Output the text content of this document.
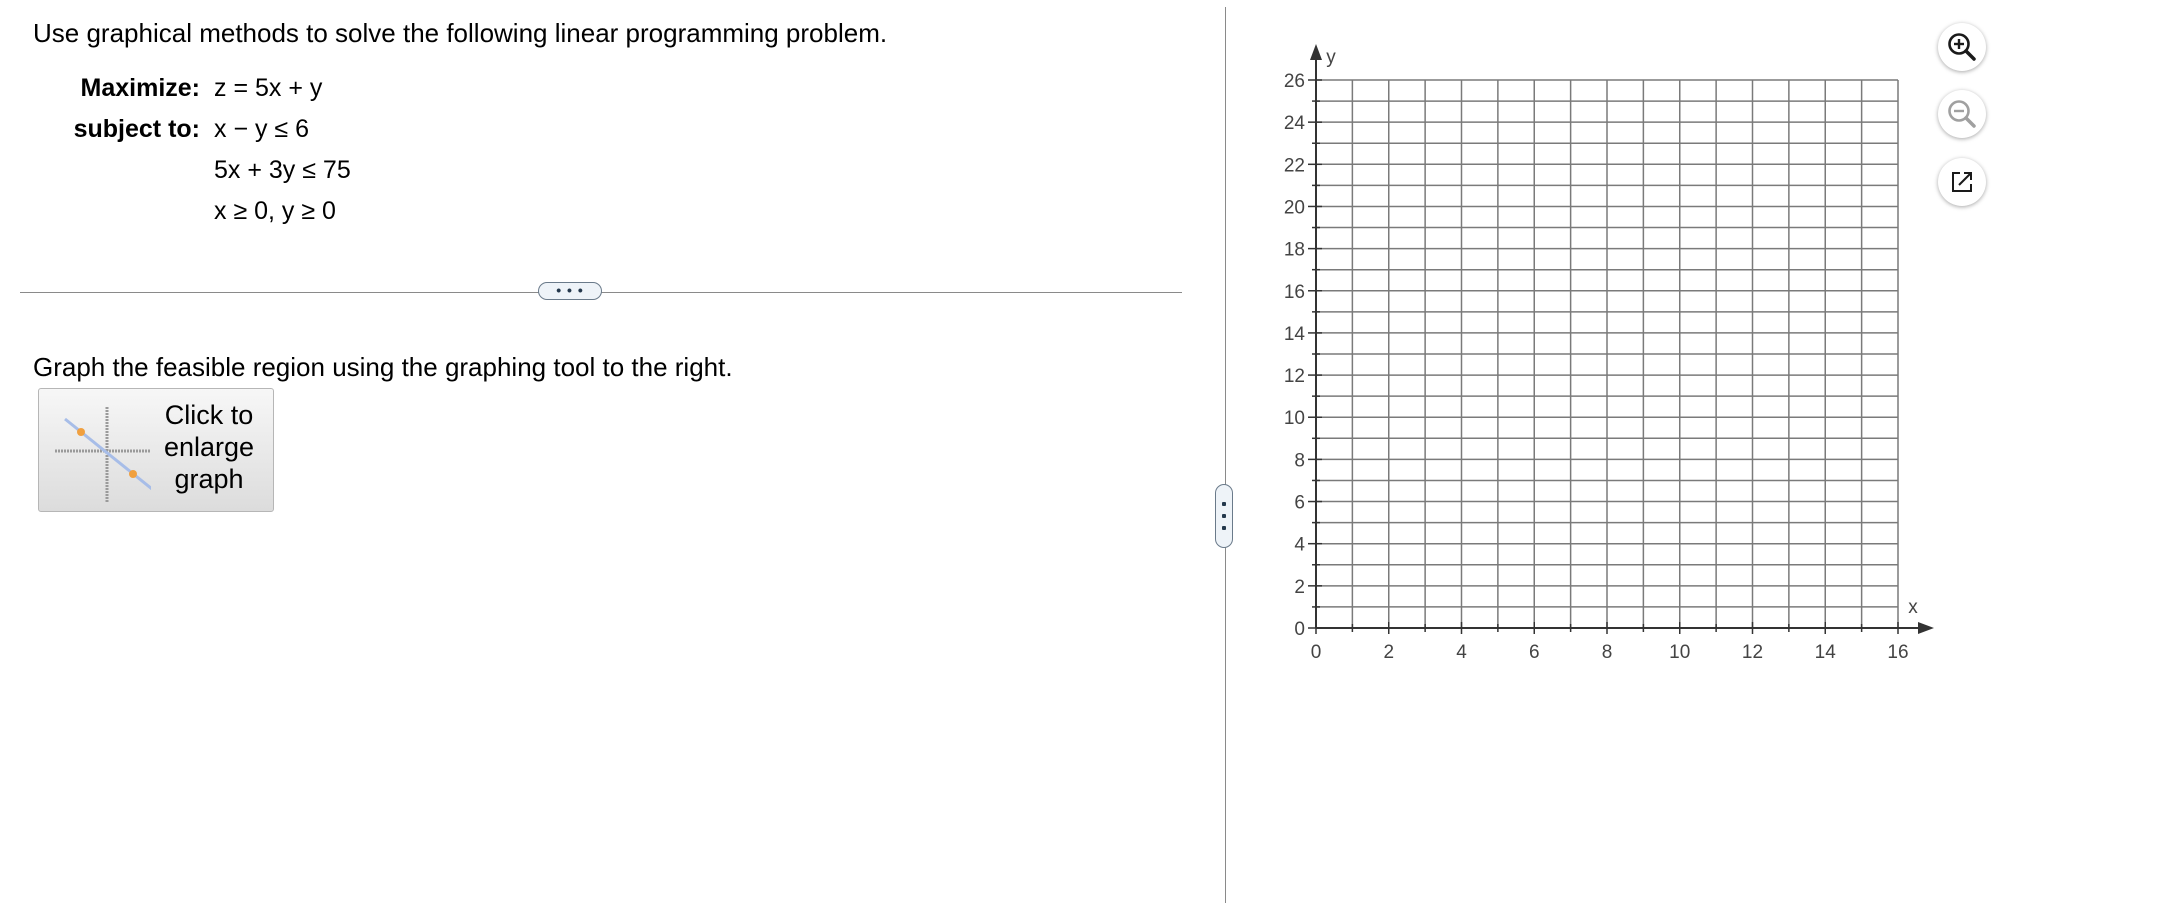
Use graphical methods to solve the following linear programming problem.
Maximize: z = 5x + y
subject to: x − y ≤ 6
5x + 3y ≤ 75
x ≥ 0, y ≥ 0
• • •
Graph the feasible region using the graphing tool to the right.
Click to
enlarge
graph
0	2	4	6	8	10	12	14	16
0
2
4
6
8
10
12
14
16
18
20
22
24
26
x
y
